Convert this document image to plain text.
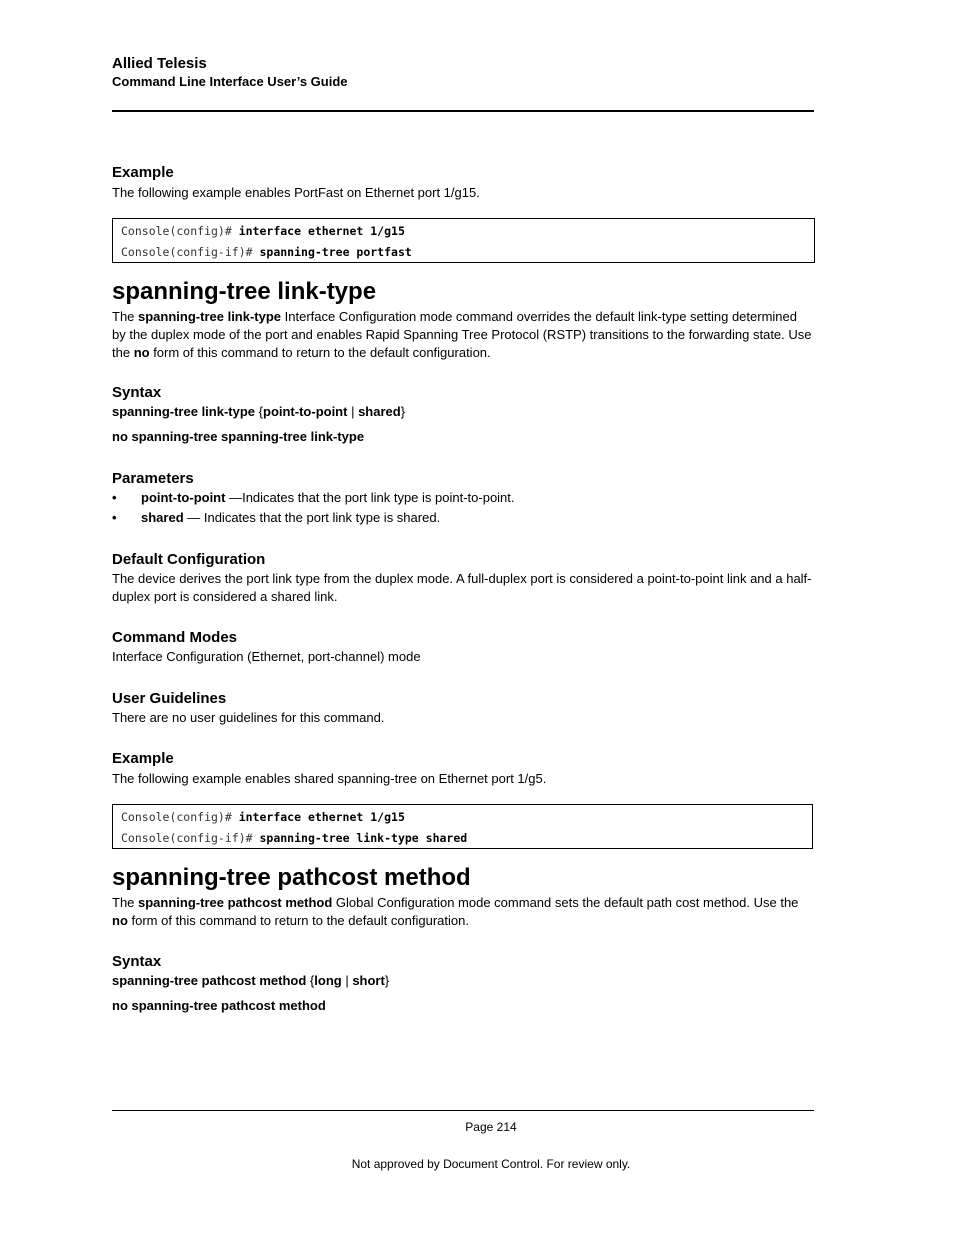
Allied Telesis
Command Line Interface User’s Guide
Example
The following example enables PortFast on Ethernet port 1/g15.
Console(config)# interface ethernet 1/g15
Console(config-if)# spanning-tree portfast
spanning-tree link-type
The spanning-tree link-type Interface Configuration mode command overrides the default link-type setting determined by the duplex mode of the port and enables Rapid Spanning Tree Protocol (RSTP) transitions to the forwarding state. Use the no form of this command to return to the default configuration.
Syntax
spanning-tree link-type {point-to-point | shared}
no spanning-tree spanning-tree link-type
Parameters
• point-to-point —Indicates that the port link type is point-to-point.
• shared — Indicates that the port link type is shared.
Default Configuration
The device derives the port link type from the duplex mode. A full-duplex port is considered a point-to-point link and a half-duplex port is considered a shared link.
Command Modes
Interface Configuration (Ethernet, port-channel) mode
User Guidelines
There are no user guidelines for this command.
Example
The following example enables shared spanning-tree on Ethernet port 1/g5.
Console(config)# interface ethernet 1/g15
Console(config-if)# spanning-tree link-type shared
spanning-tree pathcost method
The spanning-tree pathcost method Global Configuration mode command sets the default path cost method. Use the no form of this command to return to the default configuration.
Syntax
spanning-tree pathcost method {long | short}
no spanning-tree pathcost method
Page 214
Not approved by Document Control. For review only.
